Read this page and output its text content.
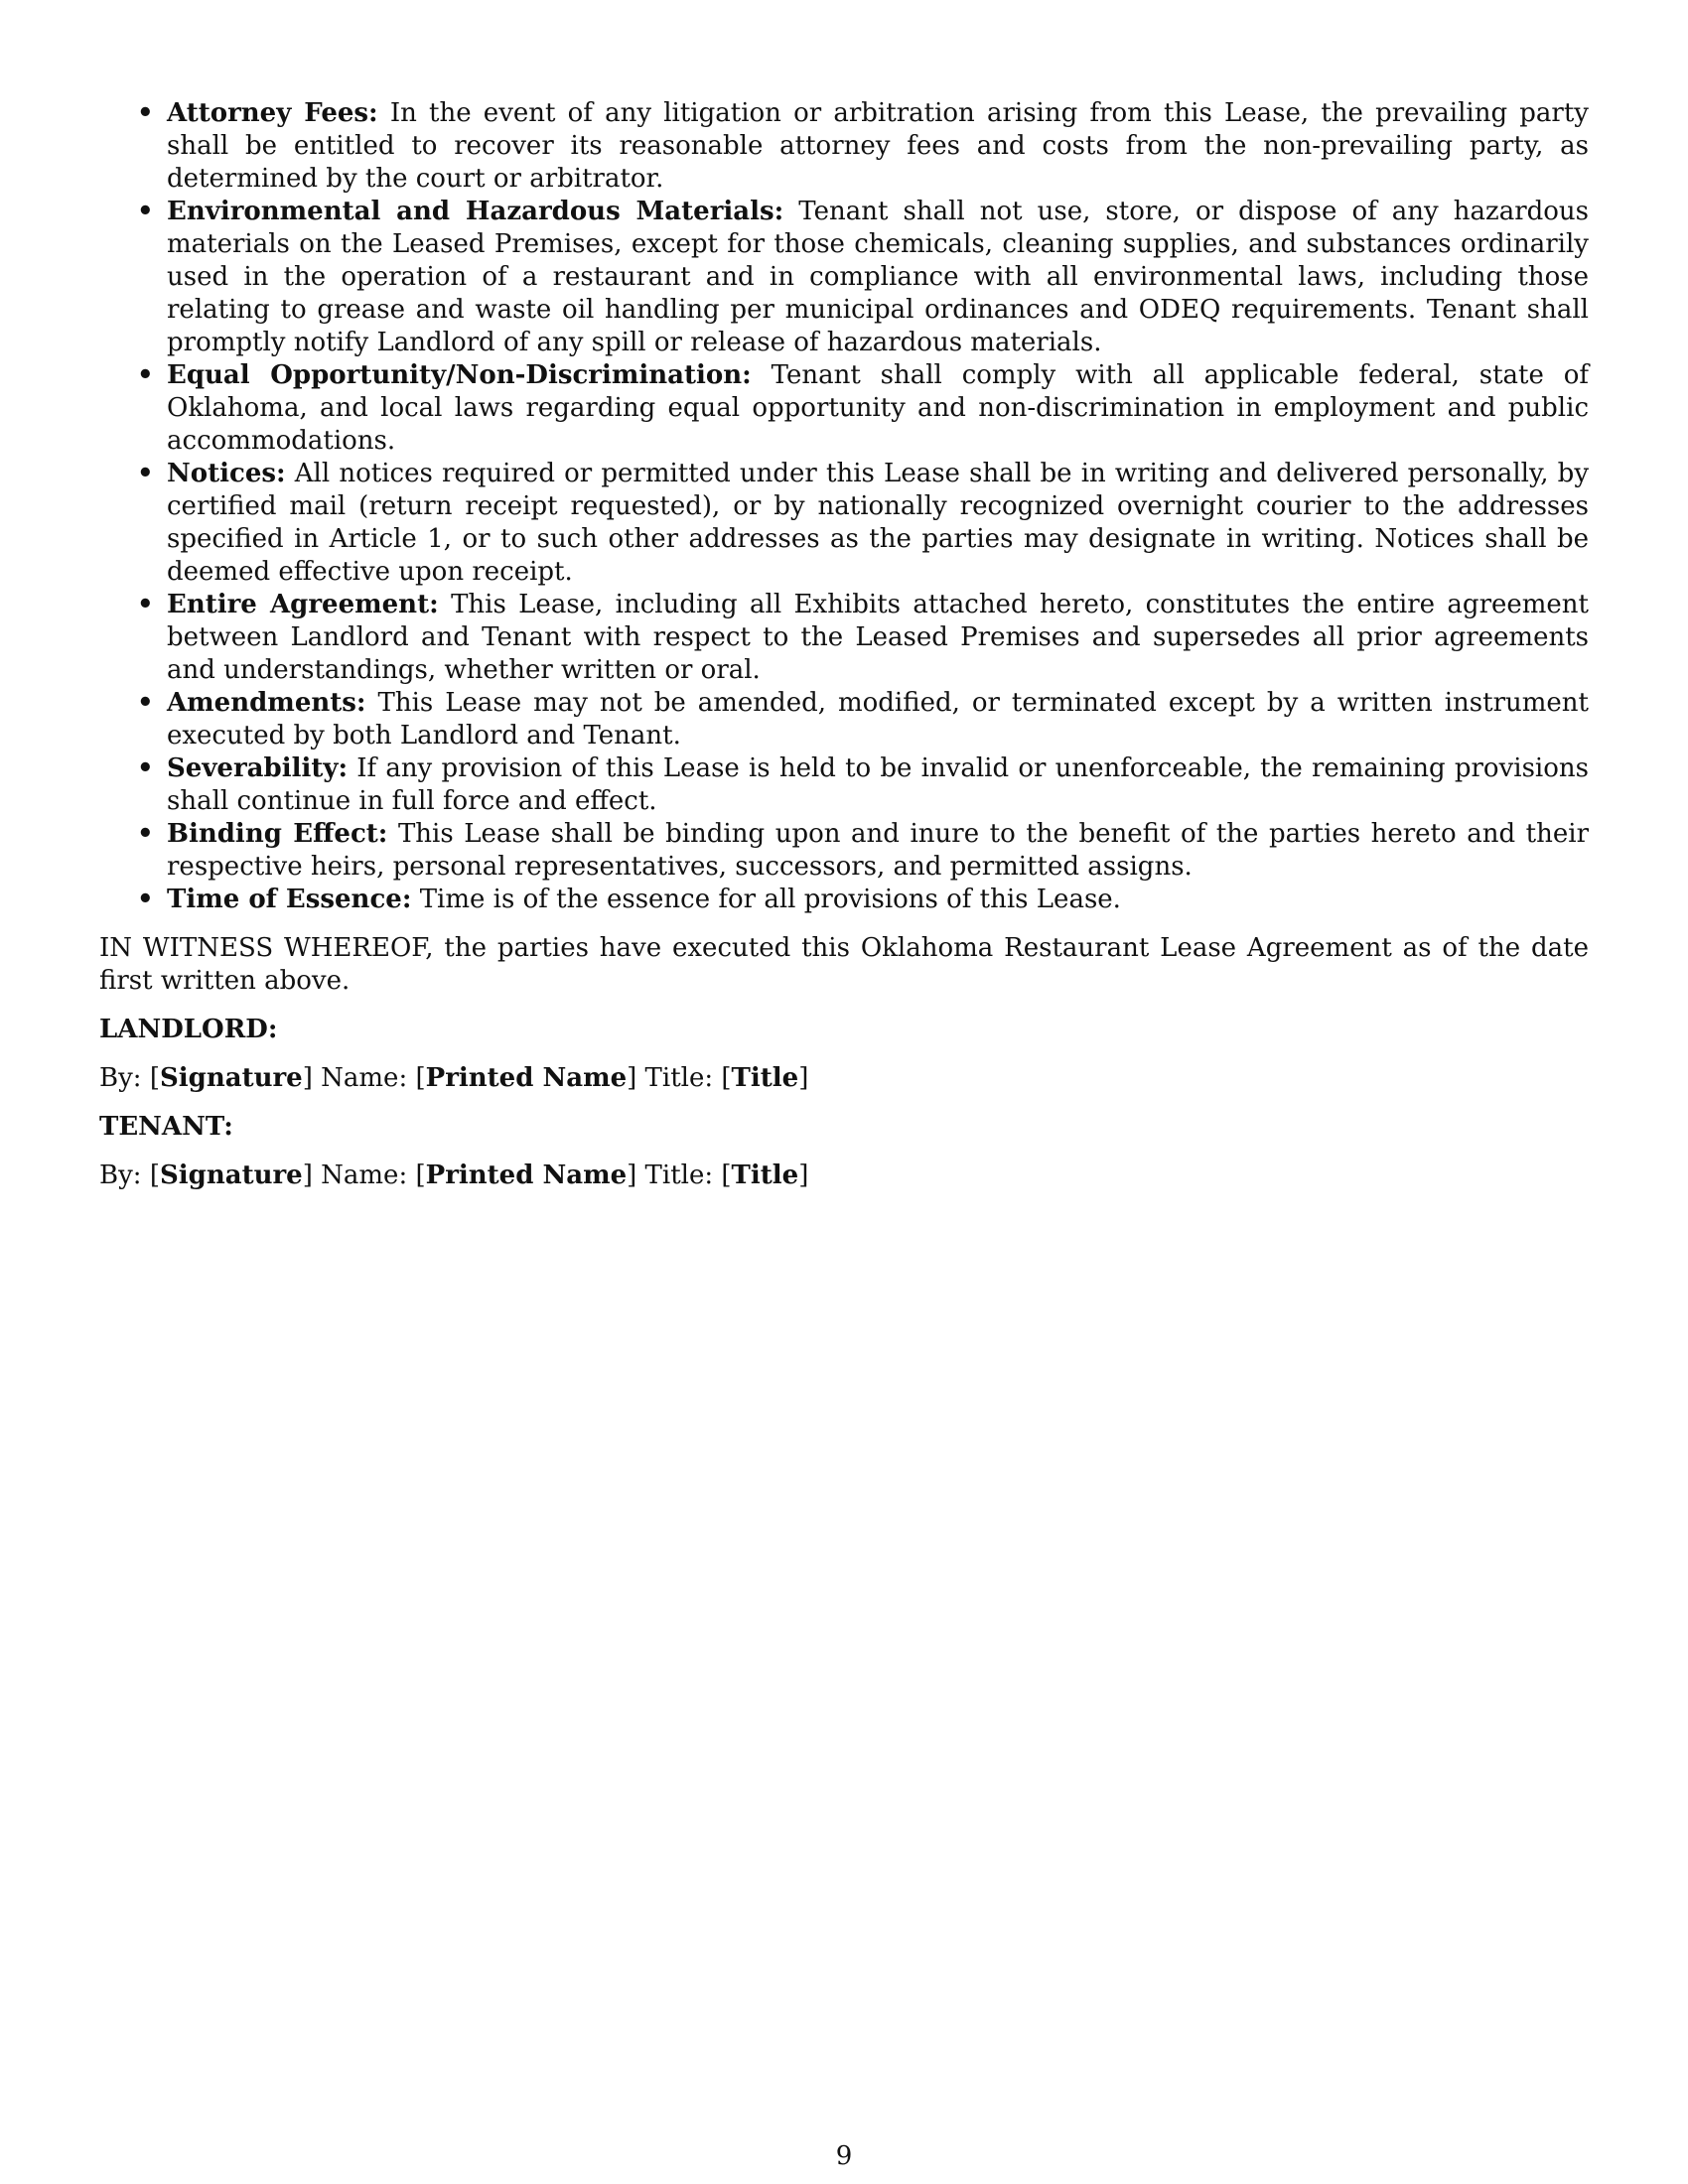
• Attorney Fees: In the event of any litigation or arbitration arising from this Lease, the prevailing party shall be entitled to recover its reasonable attorney fees and costs from the non-prevailing party, as determined by the court or arbitrator.
• Environmental and Hazardous Materials: Tenant shall not use, store, or dispose of any hazardous materials on the Leased Premises, except for those chemicals, cleaning supplies, and substances ordinarily used in the operation of a restaurant and in compliance with all environmental laws, including those relating to grease and waste oil handling per municipal ordinances and ODEQ requirements. Tenant shall promptly notify Landlord of any spill or release of hazardous materials.
• Equal Opportunity/Non-Discrimination: Tenant shall comply with all applicable federal, state of Oklahoma, and local laws regarding equal opportunity and non-discrimination in employment and public accommodations.
• Notices: All notices required or permitted under this Lease shall be in writing and delivered personally, by certified mail (return receipt requested), or by nationally recognized overnight courier to the addresses specified in Article 1, or to such other addresses as the parties may designate in writing. Notices shall be deemed effective upon receipt.
• Entire Agreement: This Lease, including all Exhibits attached hereto, constitutes the entire agreement between Landlord and Tenant with respect to the Leased Premises and supersedes all prior agreements and understandings, whether written or oral.
• Amendments: This Lease may not be amended, modified, or terminated except by a written instrument executed by both Landlord and Tenant.
• Severability: If any provision of this Lease is held to be invalid or unenforceable, the remaining provisions shall continue in full force and effect.
• Binding Effect: This Lease shall be binding upon and inure to the benefit of the parties hereto and their respective heirs, personal representatives, successors, and permitted assigns.
• Time of Essence: Time is of the essence for all provisions of this Lease.

IN WITNESS WHEREOF, the parties have executed this Oklahoma Restaurant Lease Agreement as of the date first written above.

LANDLORD:
By: [Signature] Name: [Printed Name] Title: [Title]
TENANT:
By: [Signature] Name: [Printed Name] Title: [Title]
9
